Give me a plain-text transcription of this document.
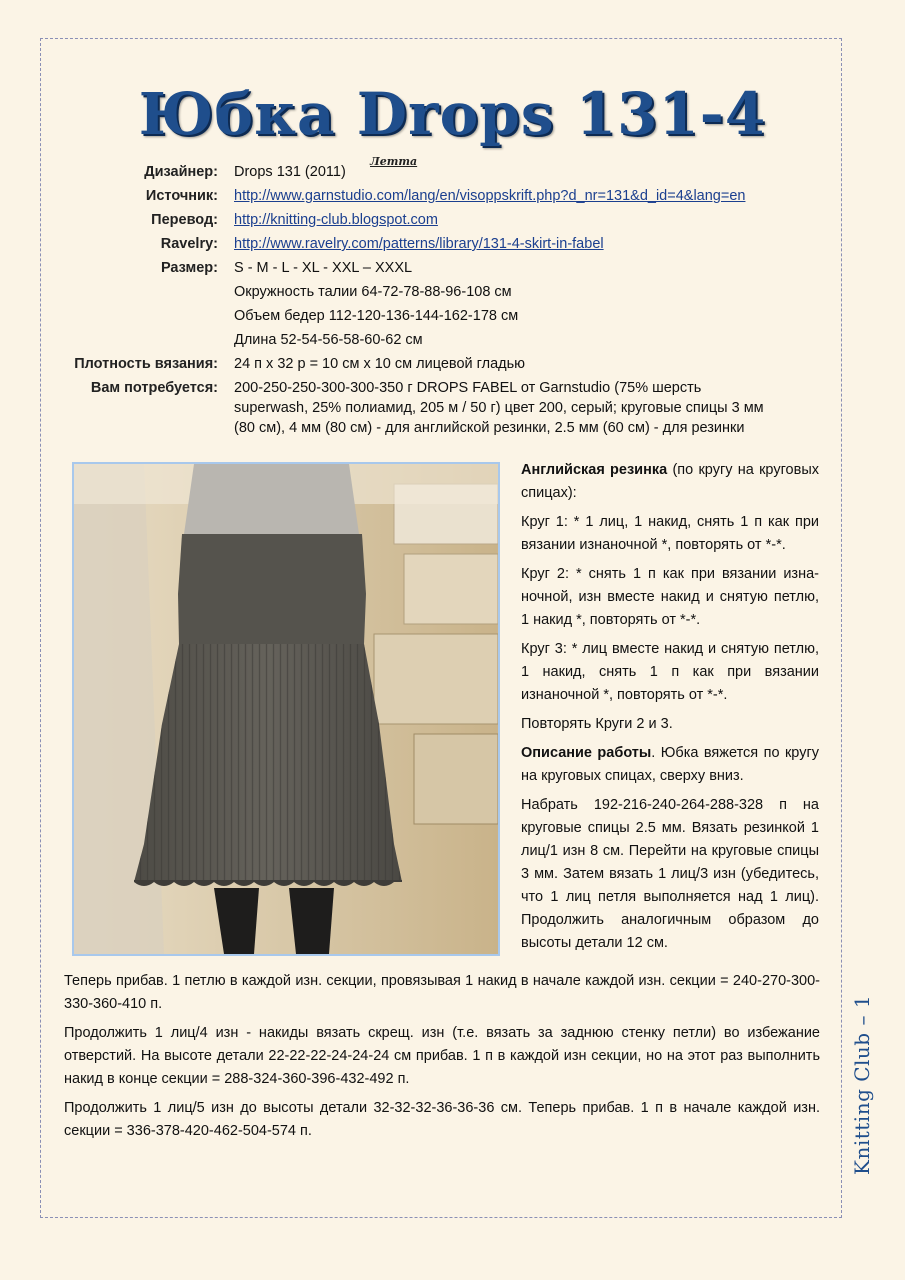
Юбка Drops 131-4
Летта
Дизайнер:	Drops 131 (2011)
Источник:	http://www.garnstudio.com/lang/en/visoppskrift.php?d_nr=131&d_id=4&lang=en
Перевод:	http://knitting-club.blogspot.com
Ravelry:	http://www.ravelry.com/patterns/library/131-4-skirt-in-fabel
Размер:	S - M - L - XL - XXL – XXXL
Окружность талии 64-72-78-88-96-108 см
Объем бедер 112-120-136-144-162-178 см
Длина 52-54-56-58-60-62 см
Плотность вязания:	24 п х 32 р = 10 см х 10 см лицевой гладью
Вам потребуется:	200-250-250-300-300-350 г DROPS FABEL от Garnstudio (75% шерсть
superwash, 25% полиамид, 205 м / 50 г) цвет 200, серый; круговые спицы 3 мм
(80 см), 4 мм (80 см) - для английской резинки, 2.5 мм (60 см) - для резинки

Английская резинка (по кругу на круговых спицах):

Круг 1: * 1 лиц, 1 накид, снять 1 п как при вязании изнаночной *, повторять от *-*.

Круг 2: * снять 1 п как при вязании изнаночной, изн вместе накид и снятую петлю, 1 накид *, повторять от *-*.

Круг 3: * лиц вместе накид и снятую петлю, 1 накид, снять 1 п как при вязании изнаночной *, повторять от *-*.

Повторять Круги 2 и 3.

Описание работы. Юбка вяжется по кругу на круговых спицах, сверху вниз.

Набрать 192-216-240-264-288-328 п на круговые спицы 2.5 мм. Вязать резинкой 1 лиц/1 изн 8 см. Перейти на круговые спицы 3 мм. Затем вязать 1 лиц/3 изн (убедитесь, что 1 лиц петля выполняется над 1 лиц). Продолжить аналогичным образом до высоты детали 12 см.

Теперь прибав. 1 петлю в каждой изн. секции, провязывая 1 накид в начале каждой изн. секции = 240-270-300-330-360-410 п.

Продолжить 1 лиц/4 изн - накиды вязать скрещ. изн (т.е. вязать за заднюю стенку петли) во избежание отверстий. На высоте детали 22-22-22-24-24-24 см прибав. 1 п в каждой изн секции, но на этот раз выполнить накид в конце секции = 288-324-360-396-432-492 п.

Продолжить 1 лиц/5 изн до высоты детали 32-32-32-36-36-36 см. Теперь прибав. 1 п в начале каждой изн. секции = 336-378-420-462-504-574 п.	Knitting Club – 1
